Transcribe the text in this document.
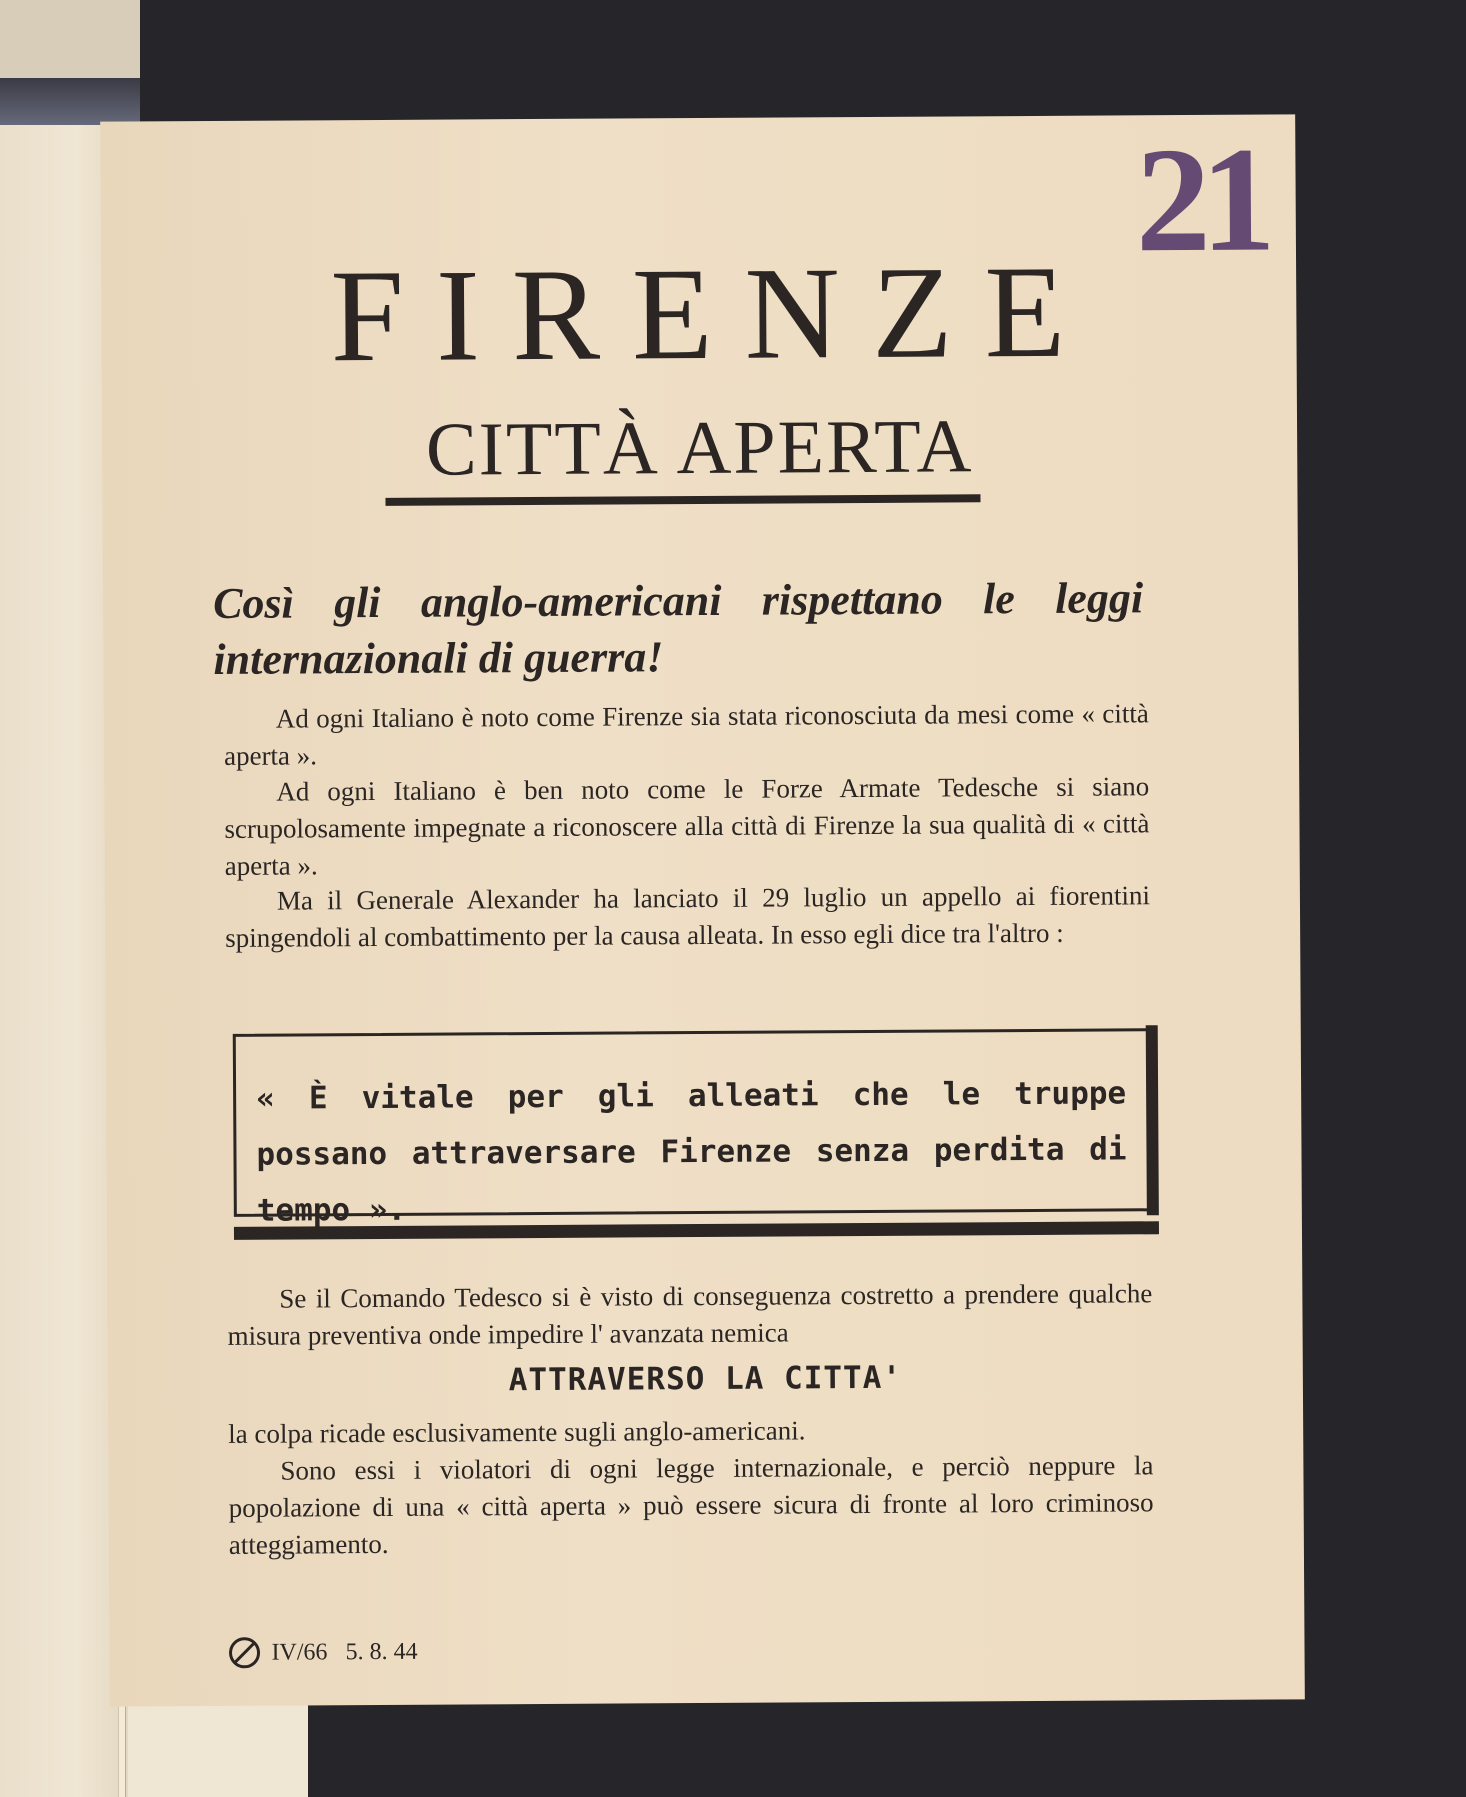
21
FIRENZE
CITTÀ APERTA
Così gli anglo-americani rispettano le leggi internazionali di guerra!
Ad ogni Italiano è noto come Firenze sia stata riconosciuta da mesi come « città aperta ».
Ad ogni Italiano è ben noto come le Forze Armate Tedesche si siano scrupolosamente impegnate a riconoscere alla città di Firenze la sua qualità di « città aperta ».
Ma il Generale Alexander ha lanciato il 29 luglio un appello ai fiorentini spingendoli al combattimento per la causa alleata. In esso egli dice tra l'altro :
« È vitale per gli alleati che le truppe possano attraversare Firenze senza perdita di tempo ».
Se il Comando Tedesco si è visto di conseguenza costretto a prendere qualche misura preventiva onde impedire l' avanzata nemica
ATTRAVERSO LA CITTA'
la colpa ricade esclusivamente sugli anglo-americani.
Sono essi i violatori di ogni legge internazionale, e perciò neppure la popolazione di una « città aperta » può essere sicura di fronte al loro criminoso atteggiamento.
IV/66 5. 8. 44
